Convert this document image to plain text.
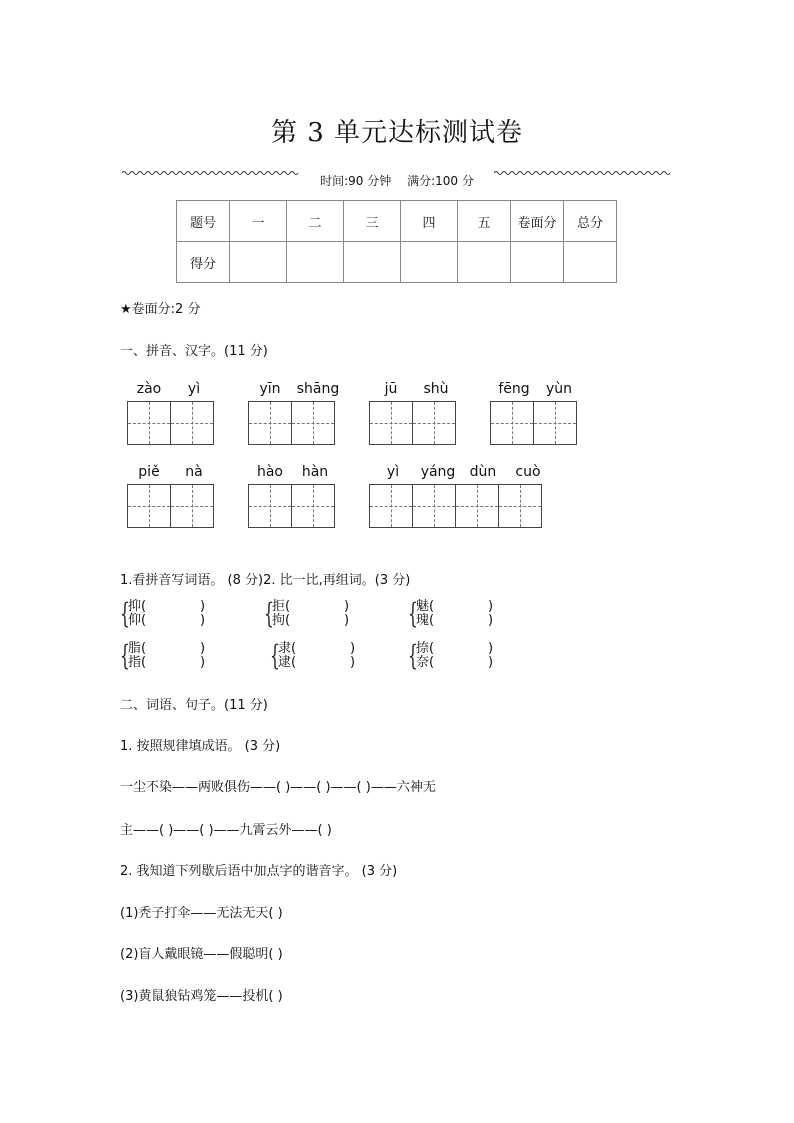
第 3 单元达标测试卷
时间:90 分钟 满分:100 分
题号	一	二	三	四	五	卷面分	总分
得分							
★卷面分:2 分
一、拼音、汉字。(11 分)
zào	yì	yīn	shāng	jū	shù	fēng	yùn
piě	nà	hào	hàn	yì	yáng	dùn	cuò
1.看拼音写词语。 (8 分)2. 比一比,再组词。(3 分)
{
抑(	)
仰(	) {
拒(	)
拘(	) {
魅(	)
瑰(	)
{
脂(	)
指(	) {
隶(	)
逮(	) {
捺(	)
奈(	)
二、词语、句子。(11 分)
1. 按照规律填成语。 (3 分)
一尘不染——两败俱伤——( )——( )——( )——六神无
主——( )——( )——九霄云外——( )
2. 我知道下列歇后语中加点字的谐音字。 (3 分)
(1)秃子打伞——无法无天( )
(2)盲人戴眼镜——假聪明( )
(3)黄鼠狼钻鸡笼——投机( )
